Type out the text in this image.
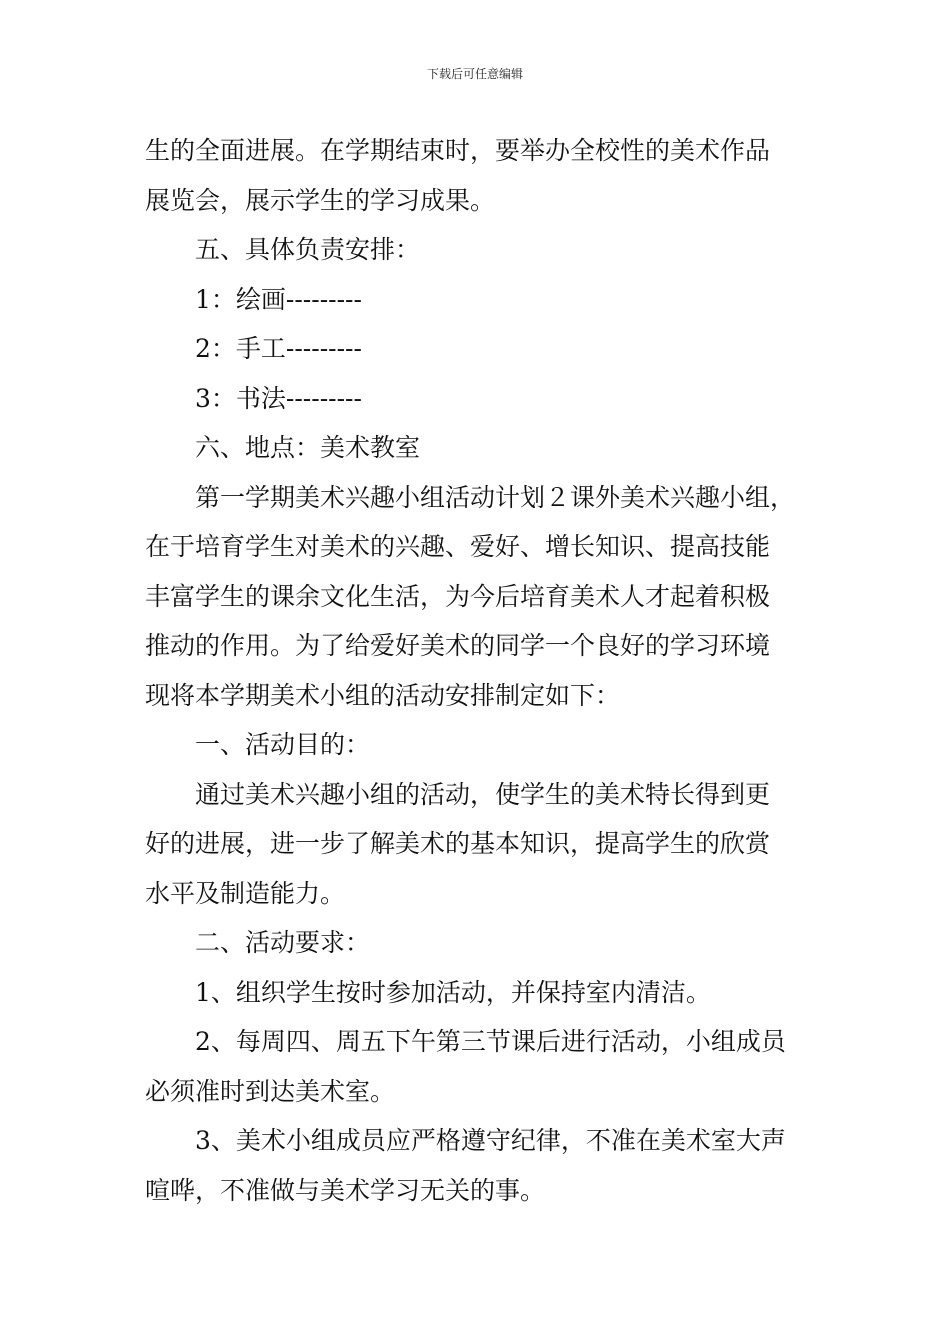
下载后可任意编辑

生的全面进展。在学期结束时，要举办全校性的美术作品

展览会，展示学生的学习成果。

五、具体负责安排：

1：绘画---------

2：手工---------

3：书法---------

六、地点：美术教室

第一学期美术兴趣小组活动计划２课外美术兴趣小组，

在于培育学生对美术的兴趣、爱好、增长知识、提高技能

丰富学生的课余文化生活，为今后培育美术人才起着积极

推动的作用。为了给爱好美术的同学一个良好的学习环境

现将本学期美术小组的活动安排制定如下：

一、活动目的：

通过美术兴趣小组的活动，使学生的美术特长得到更

好的进展，进一步了解美术的基本知识，提高学生的欣赏

水平及制造能力。

二、活动要求：

1、组织学生按时参加活动，并保持室内清洁。

2、每周四、周五下午第三节课后进行活动，小组成员

必须准时到达美术室。

3、美术小组成员应严格遵守纪律，不准在美术室大声

喧哗，不准做与美术学习无关的事。
